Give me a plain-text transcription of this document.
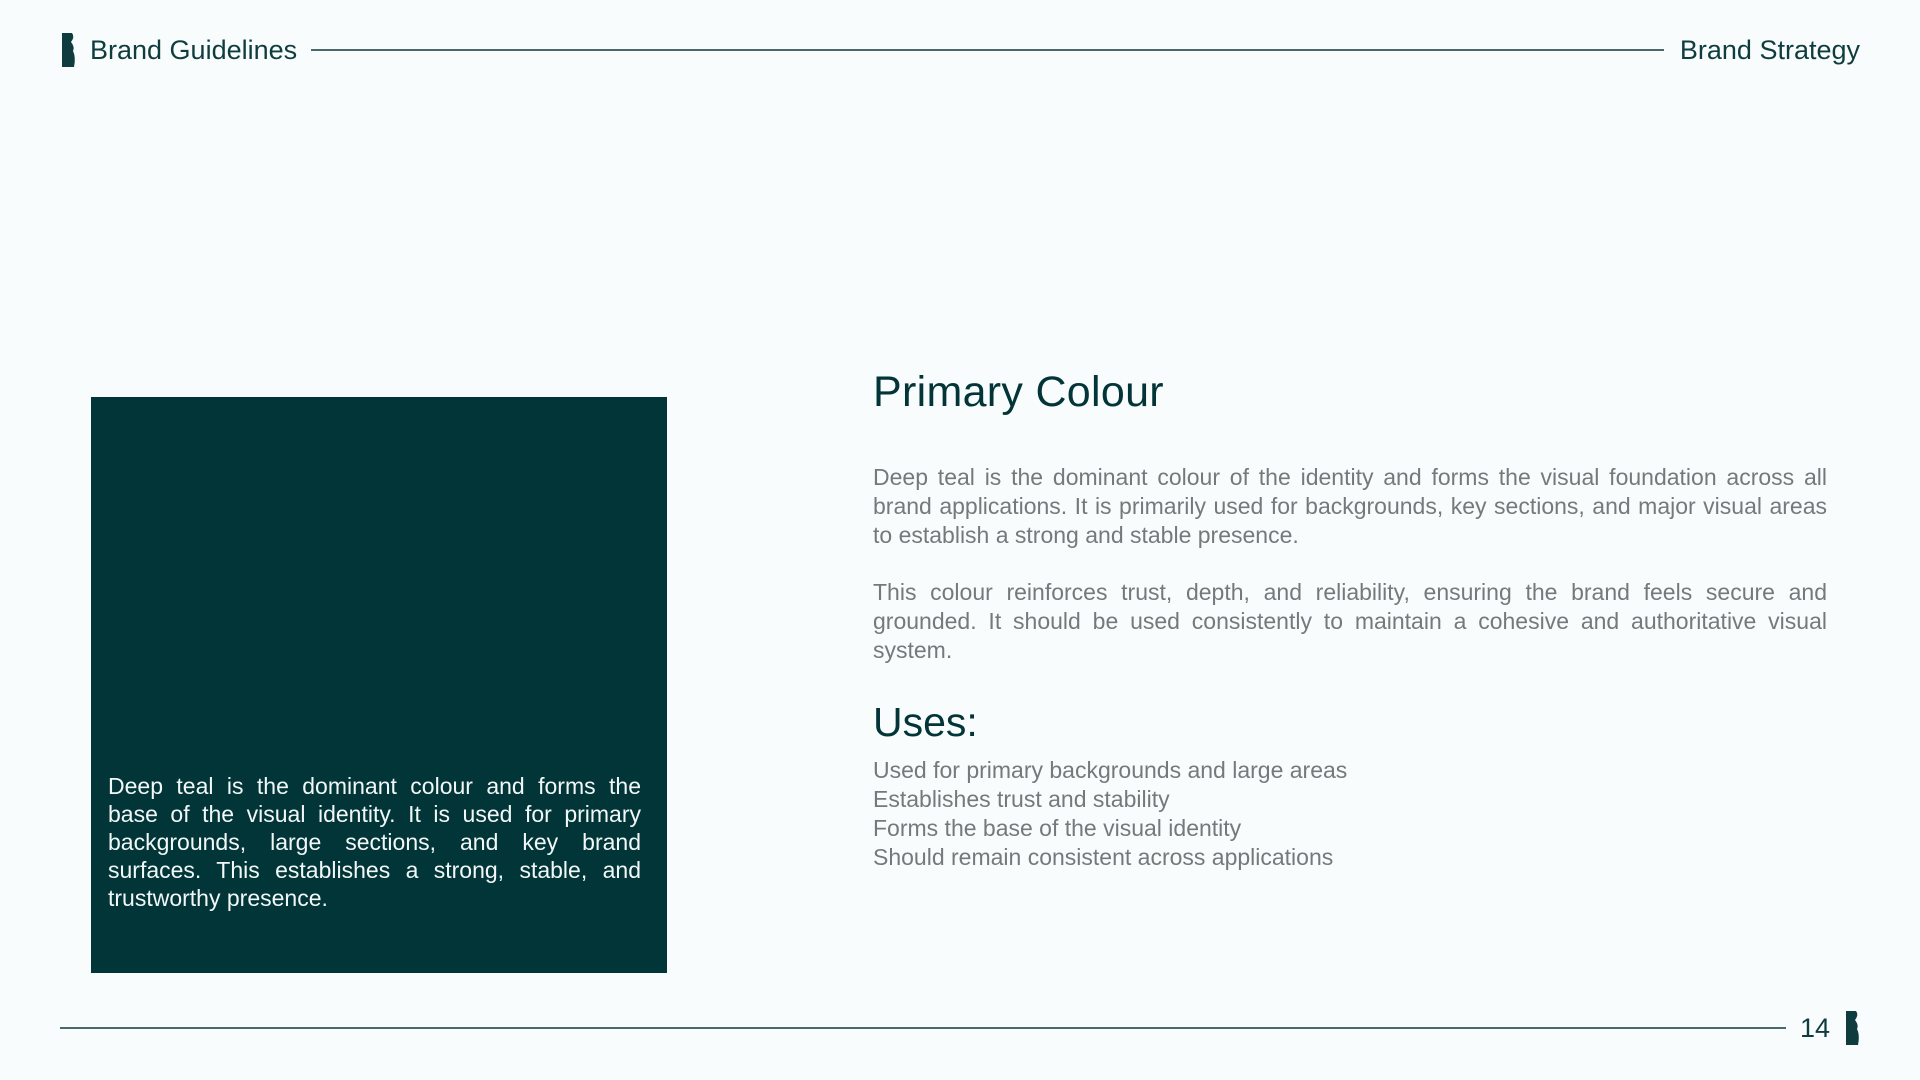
Brand Guidelines	Brand Strategy

Deep teal is the dominant colour and forms the base of the visual identity. It is used for primary backgrounds, large sections, and key brand surfaces. This establishes a strong, stable, and trustworthy presence.

Primary Colour

Deep teal is the dominant colour of the identity and forms the visual foundation across all brand applications. It is primarily used for backgrounds, key sections, and major visual areas to establish a strong and stable presence.

This colour reinforces trust, depth, and reliability, ensuring the brand feels secure and grounded. It should be used consistently to maintain a cohesive and authoritative visual system.

Uses:
Used for primary backgrounds and large areas
Establishes trust and stability
Forms the base of the visual identity
Should remain consistent across applications
14
